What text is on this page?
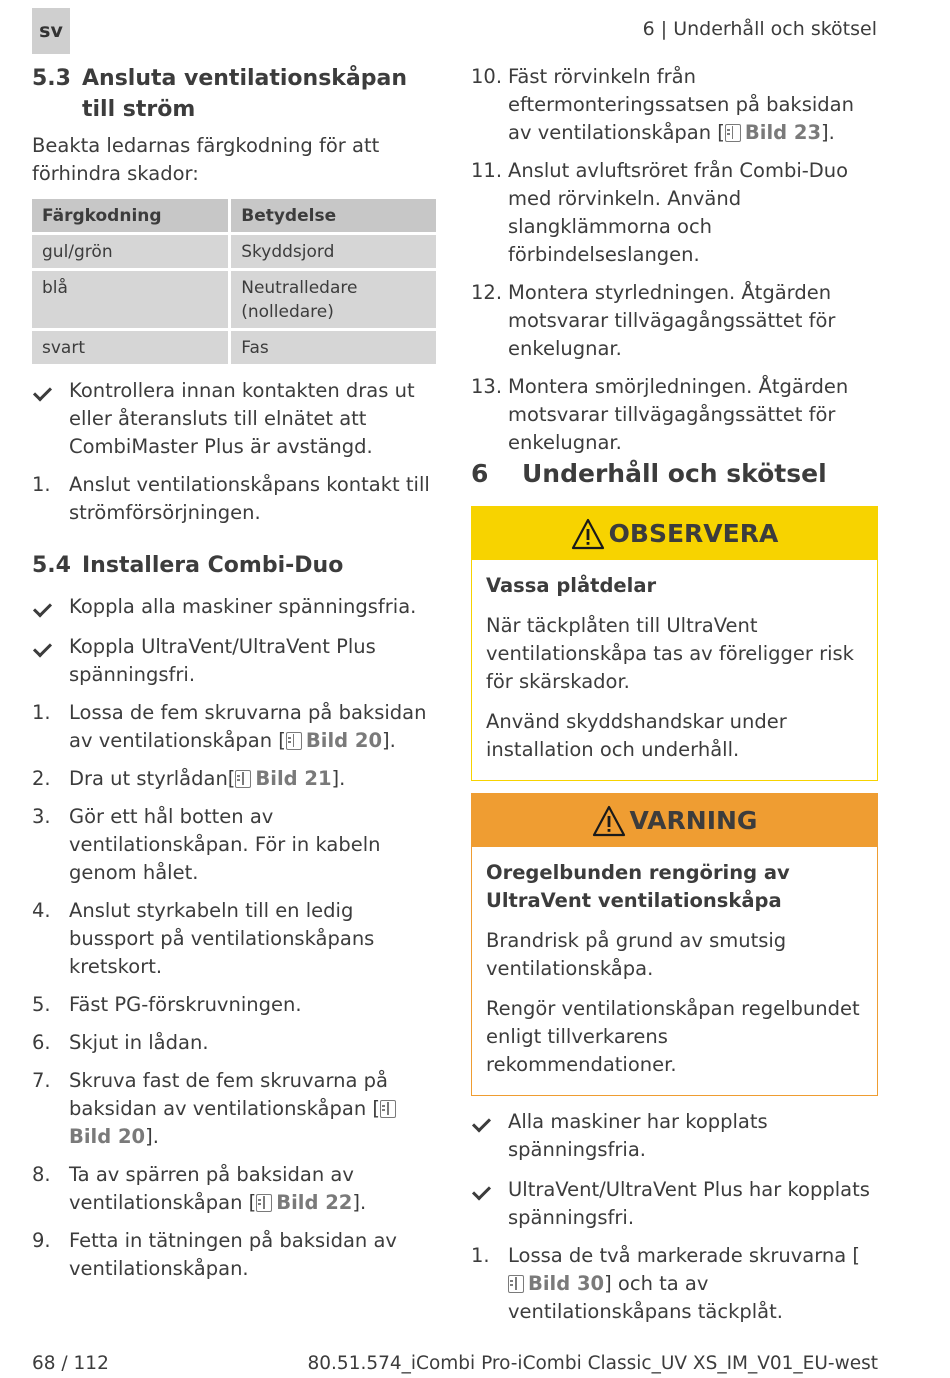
sv	6 | Underhåll och skötsel
5.3 Ansluta ventilationskåpan till ström

Beakta ledarnas färgkodning för att förhindra skador:

Färgkodning	Betydelse
gul/grön	Skyddsjord
blå	Neutralledare (nolledare)
svart	Fas
Kontrollera innan kontakten dras ut eller återansluts till elnätet att CombiMaster Plus är avstängd.
1. Anslut ventilationskåpans kontakt till strömförsörjningen.
5.4 Installera Combi-Duo
Koppla alla maskiner spänningsfria.
Koppla UltraVent/UltraVent Plus spänningsfri.
1. Lossa de fem skruvarna på baksidan av ventilationskåpan [ Bild 20].
2. Dra ut styrlådan[ Bild 21].
3. Gör ett hål botten av ventilationskåpan. För in kabeln genom hålet.
4. Anslut styrkabeln till en ledig bussport på ventilationskåpans kretskort.
5. Fäst PG-förskruvningen.
6. Skjut in lådan.
7. Skruva fast de fem skruvarna på baksidan av ventilationskåpan [Bild 20].
8. Ta av spärren på baksidan av ventilationskåpan [ Bild 22].
9. Fetta in tätningen på baksidan av ventilationskåpan.
10. Fäst rörvinkeln från eftermonteringssatsen på baksidan av ventilationskåpan [ Bild 23].
11. Anslut avluftsröret från Combi-Duo med rörvinkeln. Använd slangklämmorna och förbindelseslangen.
12. Montera styrledningen. Åtgärden motsvarar tillvägagångssättet för enkelugnar.
13. Montera smörjledningen. Åtgärden motsvarar tillvägagångssättet för enkelugnar.
6	Underhåll och skötsel
OBSERVERA

Vassa plåtdelar

När täckplåten till UltraVent ventilationskåpa tas av föreligger risk för skärskador.

Använd skyddshandskar under installation och underhåll.

VARNING

Oregelbunden rengöring av UltraVent ventilationskåpa

Brandrisk på grund av smutsig ventilationskåpa.

Rengör ventilationskåpan regelbundet enligt tillverkarens rekommendationer.

Alla maskiner har kopplats spänningsfria.
UltraVent/UltraVent Plus har kopplats spänningsfri.
1. Lossa de två markerade skruvarna [Bild 30] och ta av ventilationskåpans täckplåt.
68 / 112	80.51.574_iCombi Pro-iCombi Classic_UV XS_IM_V01_EU-west
